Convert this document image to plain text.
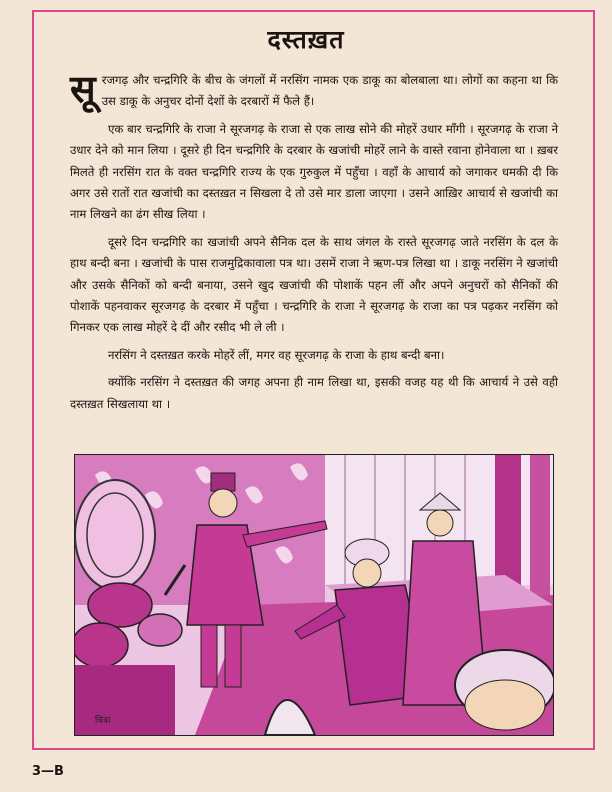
दस्तख़त

सूरजगढ़ और चन्द्रगिरि के बीच के जंगलों में नरसिंग नामक एक डाकू का बोलबाला था। लोगों का कहना था कि उस डाकू के अनुचर दोनों देशों के दरबारों में फैले हैं।

एक बार चन्द्रगिरि के राजा ने सूरजगढ़ के राजा से एक लाख सोने की मोहरें उधार माँगी । सूरजगढ़ के राजा ने उधार देने को मान लिया । दूसरे ही दिन चन्द्रगिरि के दरबार के खजांची मोहरें लाने के वास्ते रवाना होनेवाला था । ख़बर मिलते ही नरसिंग रात के वक्त चन्द्रगिरि राज्य के एक गुरुकुल में पहुँचा । वहाँ के आचार्य को जगाकर धमकी दी कि अगर उसे रातों रात खजांची का दस्तख़त न सिखला दे तो उसे मार डाला जाएगा । उसने आख़िर आचार्य से खजांची का नाम लिखने का ढंग सीख लिया ।

दूसरे दिन चन्द्रगिरि का खजांची अपने सैनिक दल के साथ जंगल के रास्ते सूरजगढ़ जाते नरसिंग के दल के हाथ बन्दी बना । खजांची के पास राजमुद्रिकावाला पत्र था। उसमें राजा ने ऋण-पत्र लिखा था । डाकू नरसिंग ने खजांची और उसके सैनिकों को बन्दी बनाया, उसने खुद खजांची की पोशाकें पहन लीं और अपने अनुचरों को सैनिकों की पोशाकें पहनवाकर सूरजगढ़ के दरबार में पहुँचा । चन्द्रगिरि के राजा ने सूरजगढ़ के राजा का पत्र पढ़कर नरसिंग को गिनकर एक लाख मोहरें दे दीं और रसीद भी ले ली ।

नरसिंग ने दस्तख़त करके मोहरें लीं, मगर वह सूरजगढ़ के राजा के हाथ बन्दी बना।

क्योंकि नरसिंग ने दस्तख़त की जगह अपना ही नाम लिखा था, इसकी वजह यह थी कि आचार्य ने उसे वही दस्तख़त सिखलाया था ।

चित्रा
3—B
